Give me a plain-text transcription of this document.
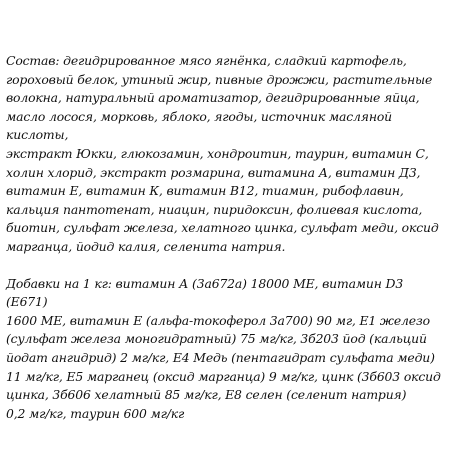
Состав: дегидрированное мясо ягнёнка, сладкий картофель,
гороховый белок, утиный жир, пивные дрожжи, растительные
волокна, натуральный ароматизатор, дегидрированные яйца,
масло лосося, морковь, яблоко, ягоды, источник масляной кислоты,
экстракт Юкки, глюкозамин, хондроитин, таурин, витамин С,
холин хлорид, экстракт розмарина, витамина А, витамин Д3,
витамин Е, витамин К, витамин В12, тиамин, рибофлавин,
кальция пантотенат, ниацин, пиридоксин, фолиевая кислота,
биотин, сульфат железа, хелатного цинка, сульфат меди, оксид
марганца, йодид калия, селенита натрия.

Добавки на 1 кг: витамин А (3а672а) 18000 МЕ, витамин D3 (Е671)
1600 МЕ, витамин Е (альфа-токоферол 3а700) 90 мг, Е1 железо
(сульфат железа моногидратный) 75 мг/кг, 3б203 йод (кальций
йодат ангидрид) 2 мг/кг, Е4 Медь (пентагидрат сульфата меди)
11 мг/кг, Е5 марганец (оксид марганца) 9 мг/кг, цинк (3б603 оксид
цинка, 3б606 хелатный 85 мг/кг, Е8 селен (селенит натрия)
0,2 мг/кг, таурин 600 мг/кг
